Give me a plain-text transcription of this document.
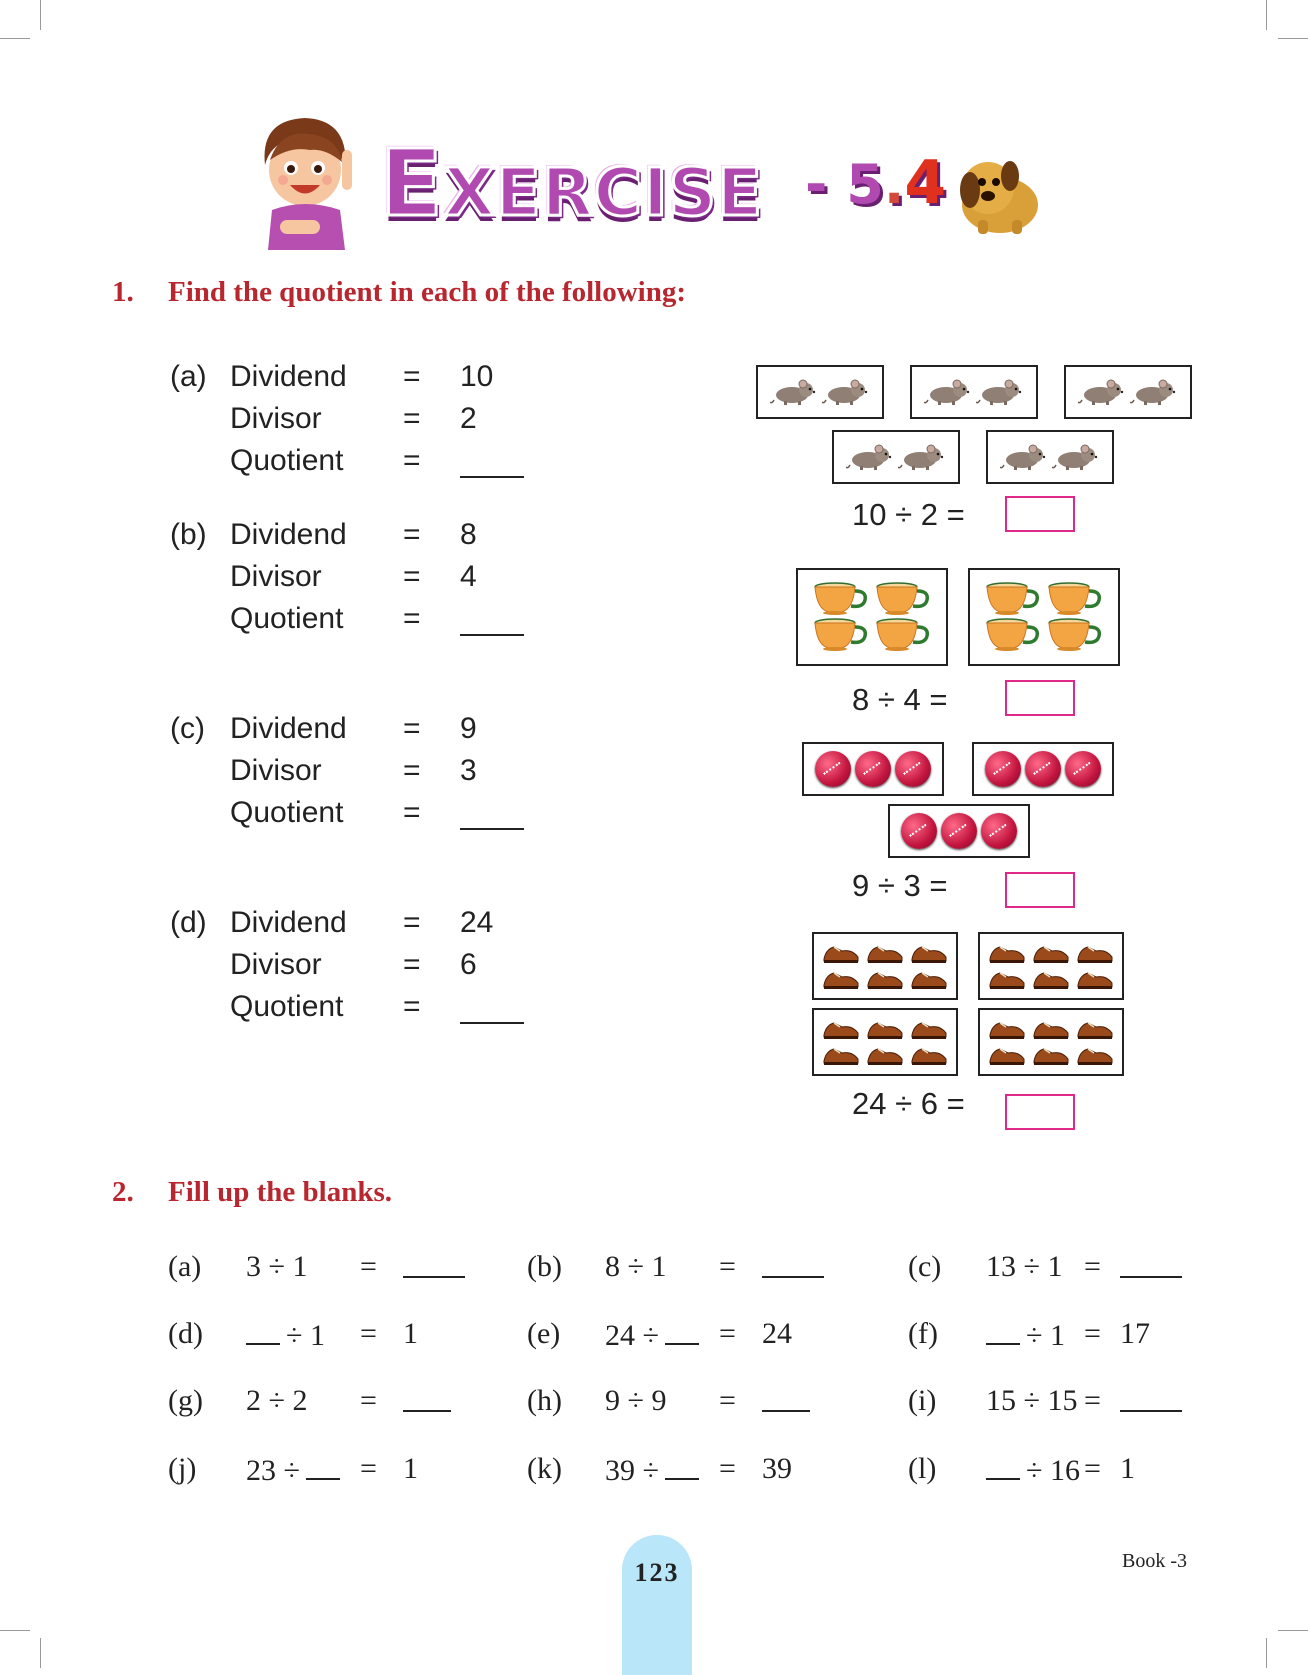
EXERCISE - 5.4
1. Find the quotient in each of the following:
(a) Dividend = 10
Divisor	= 2
Quotient =
(b) Dividend = 8
Divisor	= 4
Quotient =
(c) Dividend = 9
Divisor	= 3
Quotient =
(d) Dividend = 24
Divisor	= 6
Quotient =
10 ÷ 2 =
8 ÷ 4 =
9 ÷ 3 =
24 ÷ 6 =
2. Fill up the blanks.
(a) 3 ÷ 1 =	(b) 8 ÷ 1 =	(c) 13 ÷ 1 =
(d)	÷ 1 = 1	(e) 24 ÷	= 24	(f)	÷ 1 = 17
(g) 2 ÷ 2 =	(h) 9 ÷ 9 =	(i) 15 ÷ 15 =
(j) 23 ÷	= 1	(k) 39 ÷	= 39	(l)	÷ 16 = 1
123	Book -3
